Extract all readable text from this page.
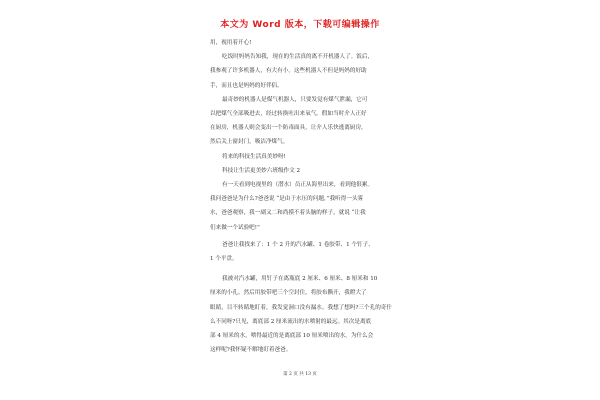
本文为 Word 版本，下载可编辑操作
用，视用着开心!
吃饭时妈妈告知我，现在的生活真的离不开机器人了。饭后，
我参观了许多机器人，有大有小。这些机器人不但是妈妈的好助
手，而且也是妈妈的好伴侣。
最奇妙的机器人是煤气机器人，只要发觉有煤气泄漏，它可
以把煤气全部吸进去，经过转换吐出来氧气。假如当时介人正好
在厨房，机器人则会变出一个防毒面具，让介人乐快逃离厨房，
然后关上窗封门，吸洁净煤气。
将来的科技生活真美妙呀!
科技让生活更美妙六班级作文 2
有一天看到电视里的（潜水）员正从海里出来，看到他很累。
我问爸爸是为什么?爸爸说 “是由于水压的问题，”我听得一头雾
水，爸爸观察，我一副又二和尚摸不着头脑的样子，就说 “让我
们来做一个试验吧!”
爸爸让我找来了：1 个 2 升的汽水罐、1 卷胶带、1 个钉子、
1 个平盘。
我被对汽水罐，用钉子在离瓶底 2 厘米、6 厘米、8 厘米和 10
厘米的小孔。然后用胶带吧三个空封住，将胶布撕开，我瞪大了
眼睛，目不转睛地盯着，我发觉洞口没有漏水。我想了想吗?三个孔的奇什
么不同呀?只见，离底部 2 厘米流出的水喷射的最远。其次是离底
部 4 厘米的水，喷得最近的是离底部 10 厘米喷出的水。为什么会
这样呢?我怀疑不解地盯着爸爸。
第 2 页 共 13 页
